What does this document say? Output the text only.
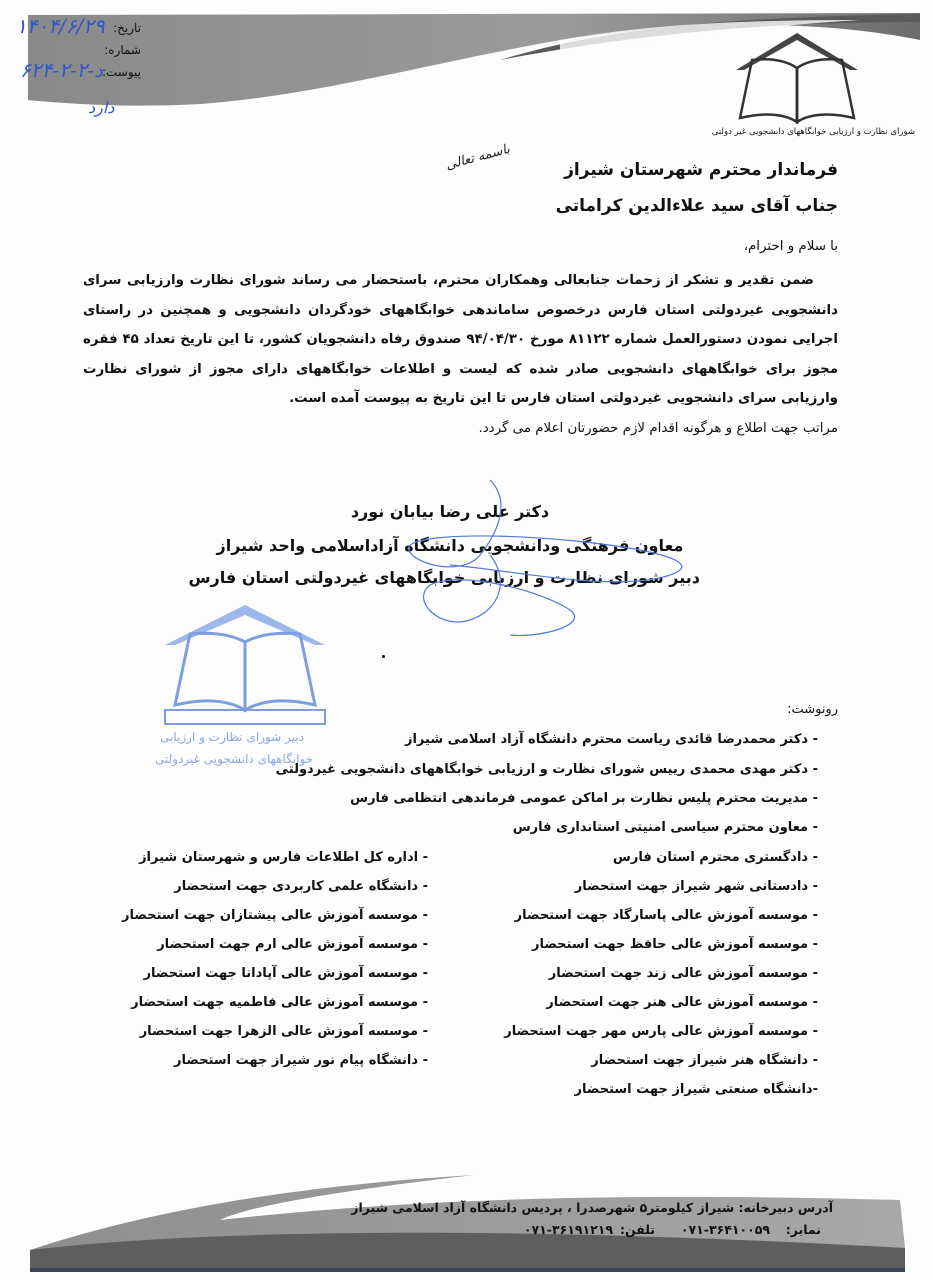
تاریخ:
شماره:
پیوست:
۱۴۰۴/۶/۲۹
د-۲-۲-۶۲۴
دارد
شورای نظارت و ارزیابی خوابگاههای دانشجویی غیر دولتی
باسمه تعالی	فرماندار محترم شهرستان شیراز
جناب آقای سید علاءالدین کراماتی
با سلام و احترام،

ضمن تقدیر و تشکر از زحمات جنابعالی وهمکاران محترم، باستحضار می رساند شورای نظارت وارزیابی سرای دانشجویی غیردولتی استان فارس درخصوص ساماندهی خوابگاههای خودگردان دانشجویی و همچنین در راستای اجرایی نمودن دستورالعمل شماره ۸۱۱۲۲ مورخ ۹۴/۰۴/۳۰ صندوق رفاه دانشجویان کشور، تا این تاریخ تعداد ۴۵ فقره مجوز برای خوابگاههای دانشجویی صادر شده که لیست و اطلاعات خوابگاههای دارای مجوز از شورای نظارت وارزیابی سرای دانشجویی غیردولتی استان فارس تا این تاریخ به پیوست آمده است.

مراتب جهت اطلاع و هرگونه اقدام لازم حضورتان اعلام می گردد.

دکتر علی رضا بیابان نورد
معاون فرهنگی ودانشجویی دانشگاه آزاداسلامی واحد شیراز
دبیر شورای نظارت و ارزیابی خوابگاههای غیردولتی استان فارس
دبیر شورای نظارت و ارزیابی
خوابگاههای دانشجویی غیردولتی
رونوشت:
- دکتر محمدرضا قائدی ریاست محترم دانشگاه آزاد اسلامی شیراز
- دکتر مهدی محمدی رییس شورای نظارت و ارزیابی خوابگاههای دانشجویی غیردولتی
- مدیریت محترم پلیس نظارت بر اماکن عمومی فرماندهی انتظامی فارس
- معاون محترم سیاسی امنیتی استانداری فارس
- دادگستری محترم استان فارس
- دادستانی شهر شیراز جهت استحضار
- موسسه آموزش عالی پاسارگاد جهت استحضار
- موسسه آموزش عالی حافظ جهت استحضار
- موسسه آموزش عالی زند جهت استحضار
- موسسه آموزش عالی هنر جهت استحضار
- موسسه آموزش عالی پارس مهر جهت استحضار
- دانشگاه هنر شیراز جهت استحضار
-دانشگاه صنعتی شیراز جهت استحضار
- اداره کل اطلاعات فارس و شهرستان شیراز
- دانشگاه علمی کاربردی جهت استحضار
- موسسه آموزش عالی پیشتازان جهت استحضار
- موسسه آموزش عالی ارم جهت استحضار
- موسسه آموزش عالی آپادانا جهت استحضار
- موسسه آموزش عالی فاطمیه جهت استحضار
- موسسه آموزش عالی الزهرا جهت استحضار
- دانشگاه پیام نور شیراز جهت استحضار
آدرس دبیرخانه: شیراز کیلومتر۵ شهرصدرا ، پردیس دانشگاه آزاد اسلامی شیراز
نمابر:
۰۷۱-۳۶۴۱۰۰۵۹
تلفن:
۰۷۱-۳۶۱۹۱۲۱۹
